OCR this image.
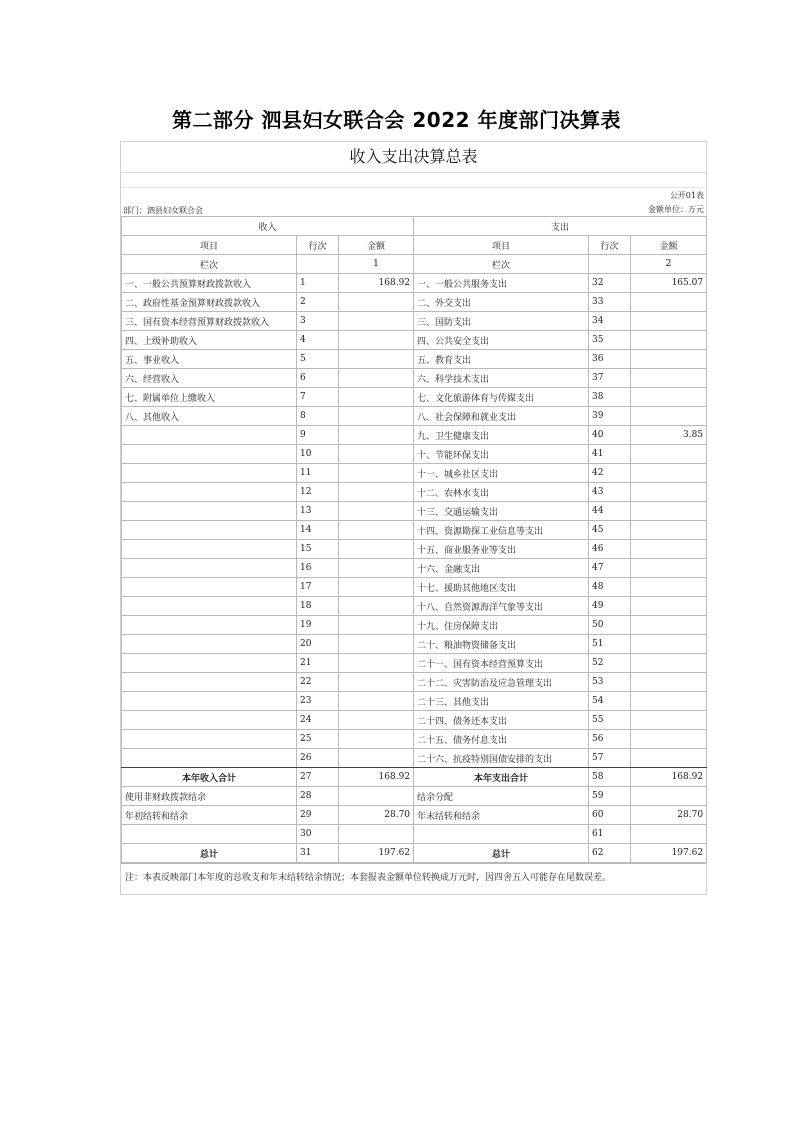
第二部分 泗县妇女联合会 2022 年度部门决算表
收入支出决算总表
公开01表
部门：泗县妇女联合会	金额单位：万元
收入			支出		
项目	行次	金额	项目	行次	金额
栏次		1	栏次		2
一、一般公共预算财政拨款收入	1	168.92	一、一般公共服务支出	32	165.07
二、政府性基金预算财政拨款收入	2		二、外交支出	33	
三、国有资本经营预算财政拨款收入	3		三、国防支出	34	
四、上级补助收入	4		四、公共安全支出	35	
五、事业收入	5		五、教育支出	36	
六、经营收入	6		六、科学技术支出	37	
七、附属单位上缴收入	7		七、文化旅游体育与传媒支出	38	
八、其他收入	8		八、社会保障和就业支出	39	
	9		九、卫生健康支出	40	3.85
	10		十、节能环保支出	41	
	11		十一、城乡社区支出	42	
	12		十二、农林水支出	43	
	13		十三、交通运输支出	44	
	14		十四、资源勘探工业信息等支出	45	
	15		十五、商业服务业等支出	46	
	16		十六、金融支出	47	
	17		十七、援助其他地区支出	48	
	18		十八、自然资源海洋气象等支出	49	
	19		十九、住房保障支出	50	
	20		二十、粮油物资储备支出	51	
	21		二十一、国有资本经营预算支出	52	
	22		二十二、灾害防治及应急管理支出	53	
	23		二十三、其他支出	54	
	24		二十四、债务还本支出	55	
	25		二十五、债务付息支出	56	
	26		二十六、抗疫特别国债安排的支出	57	
本年收入合计	27	168.92	本年支出合计	58	168.92
使用非财政拨款结余	28		结余分配	59	
年初结转和结余	29	28.70	年末结转和结余	60	28.70
	30			61	
总计	31	197.62	总计	62	197.62
注：本表反映部门本年度的总收支和年末结转结余情况；本套报表金额单位转换成万元时，因四舍五入可能存在尾数误差。
